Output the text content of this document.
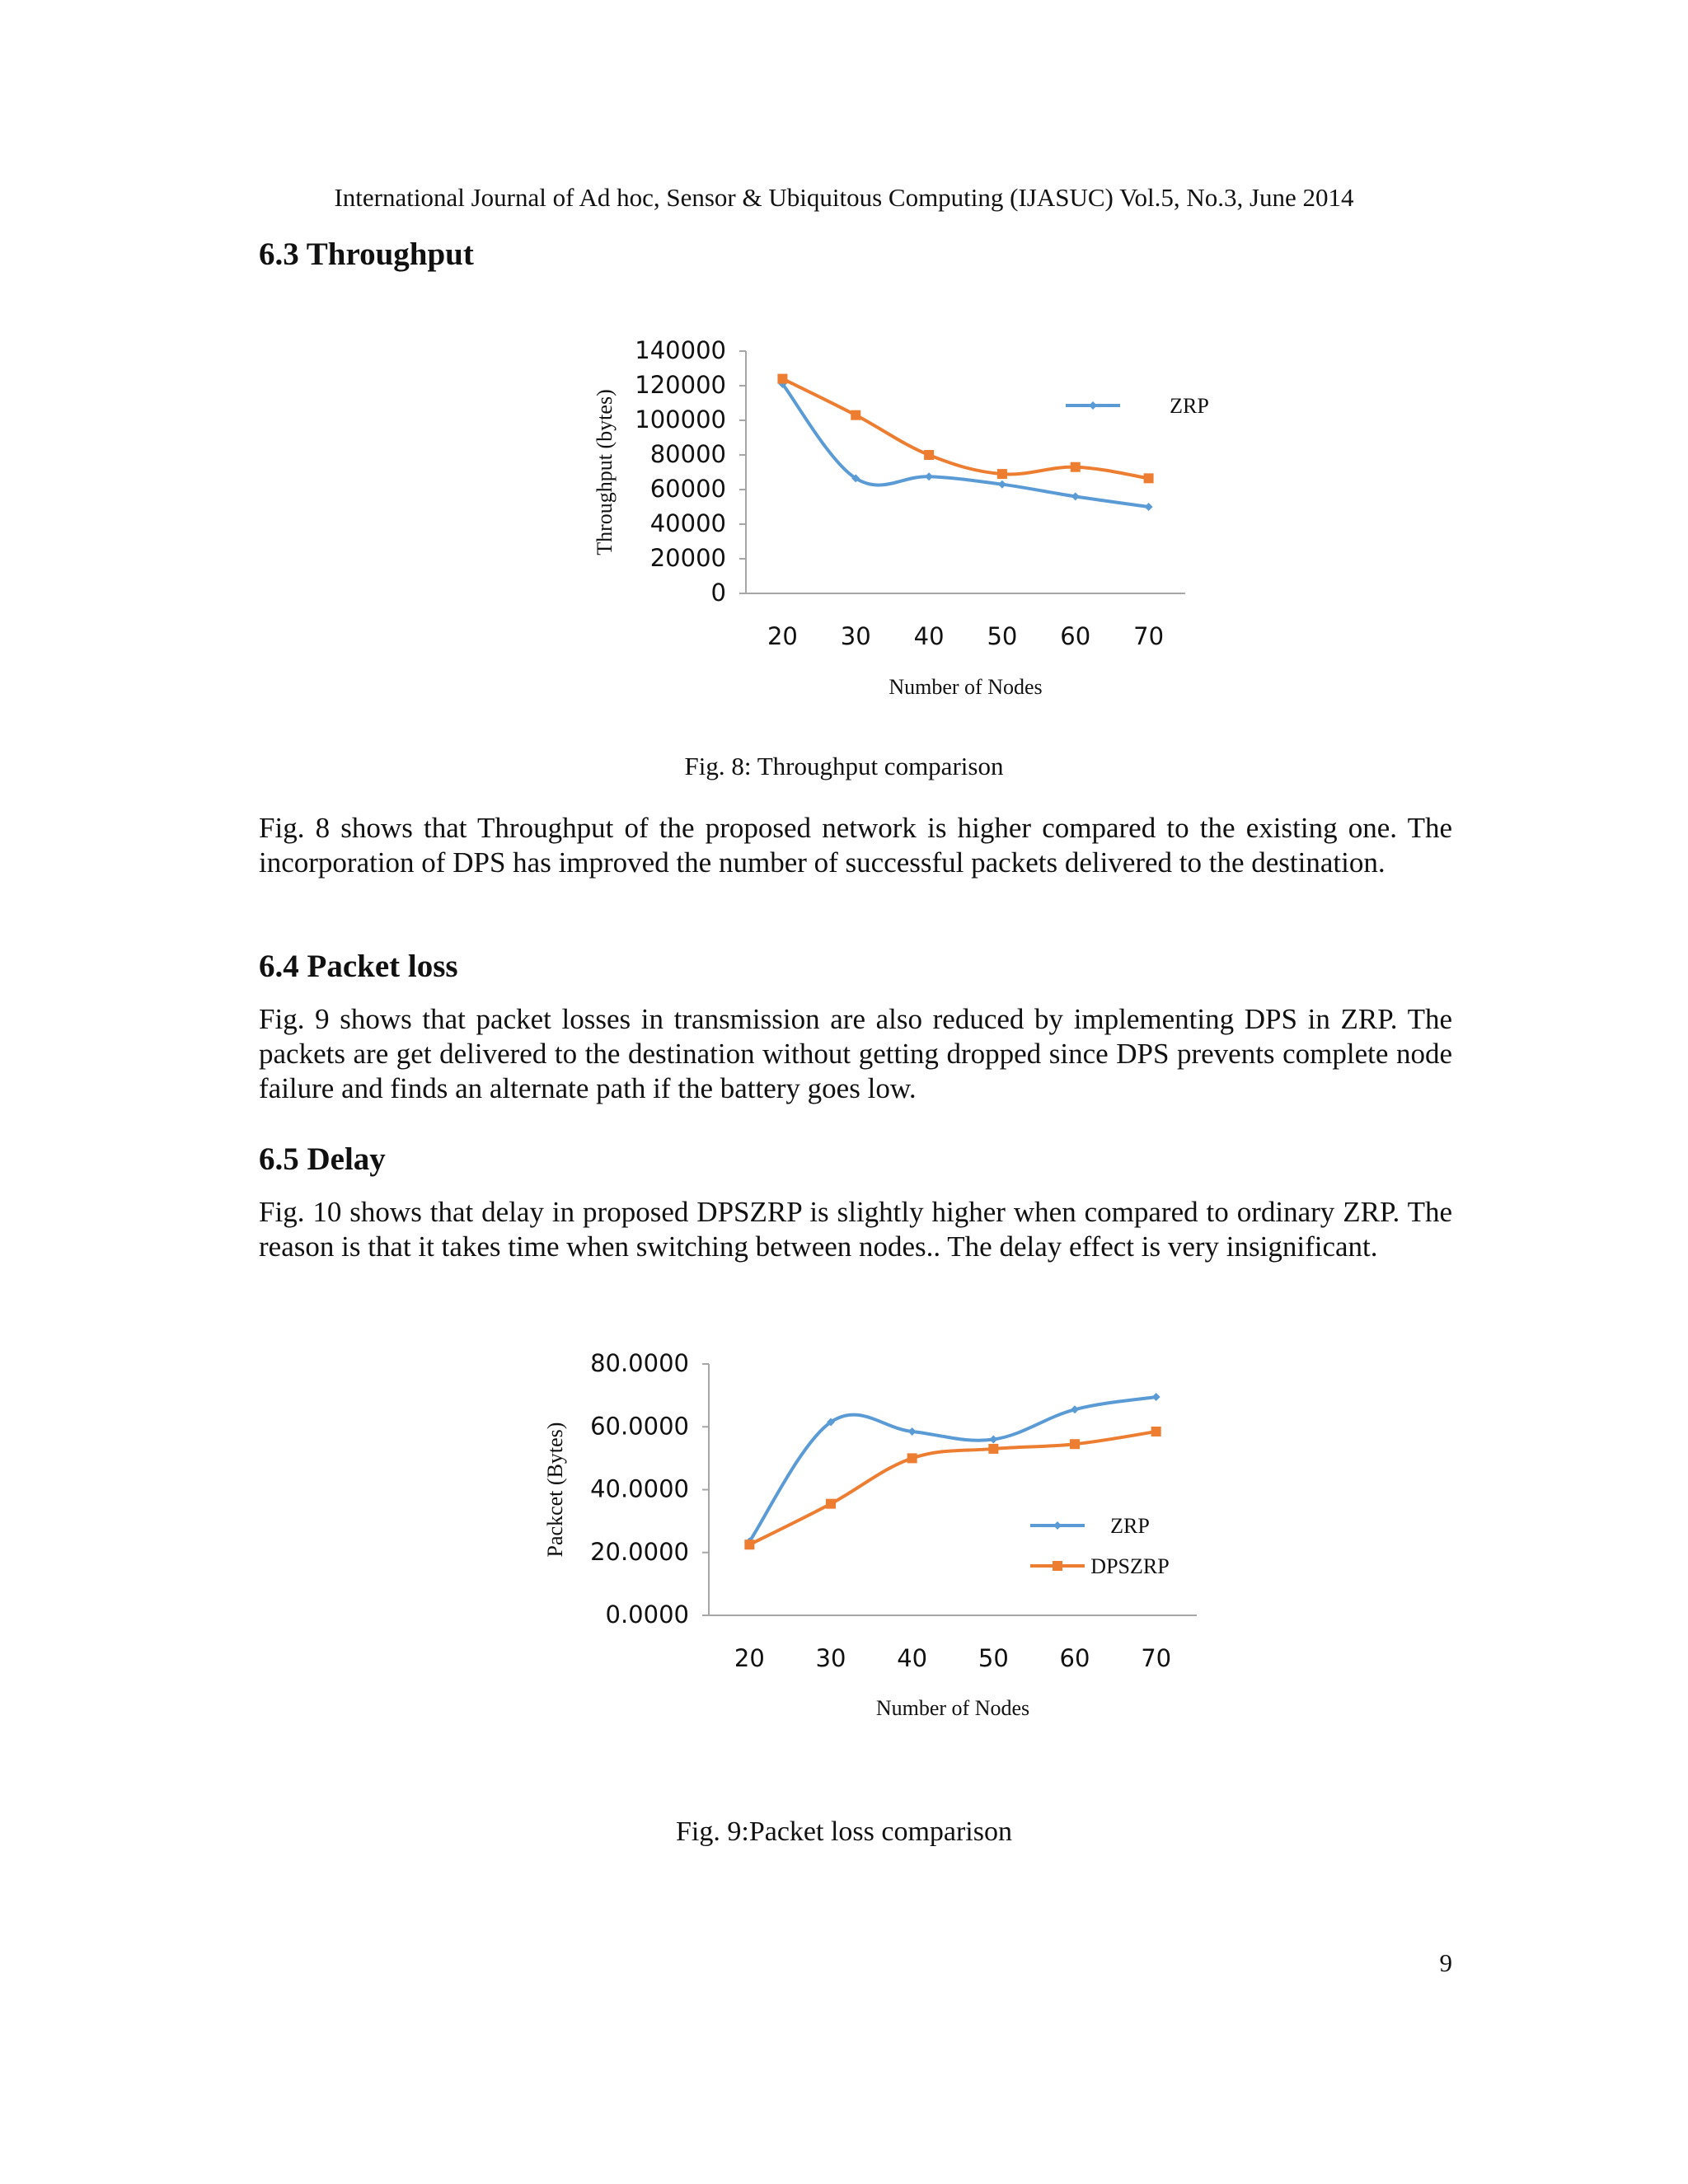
International Journal of Ad hoc, Sensor & Ubiquitous Computing (IJASUC) Vol.5, No.3, June 2014
6.3 Throughput
0
20000
40000
60000
80000
100000
120000
140000
20 30 40 50 60 70
Number of Nodes
Throughput (bytes)	ZRP
Fig. 8: Throughput comparison

Fig. 8 shows that Throughput of the proposed network is higher compared to the existing one. The incorporation of DPS has improved the number of successful packets delivered to the destination.

6.4 Packet loss

Fig. 9 shows that packet losses in transmission are also reduced by implementing DPS in ZRP. The packets are get delivered to the destination without getting dropped since DPS prevents complete node failure and finds an alternate path if the battery goes low.

6.5 Delay

Fig. 10 shows that delay in proposed DPSZRP is slightly higher when compared to ordinary ZRP. The reason is that it takes time when switching between nodes.. The delay effect is very insignificant.

0.0000
20.0000
40.0000
60.0000
80.0000
20 30 40 50 60 70
Number of Nodes
Packcet (Bytes)	ZRP
DPSZRP
Fig. 9:Packet loss comparison
9
